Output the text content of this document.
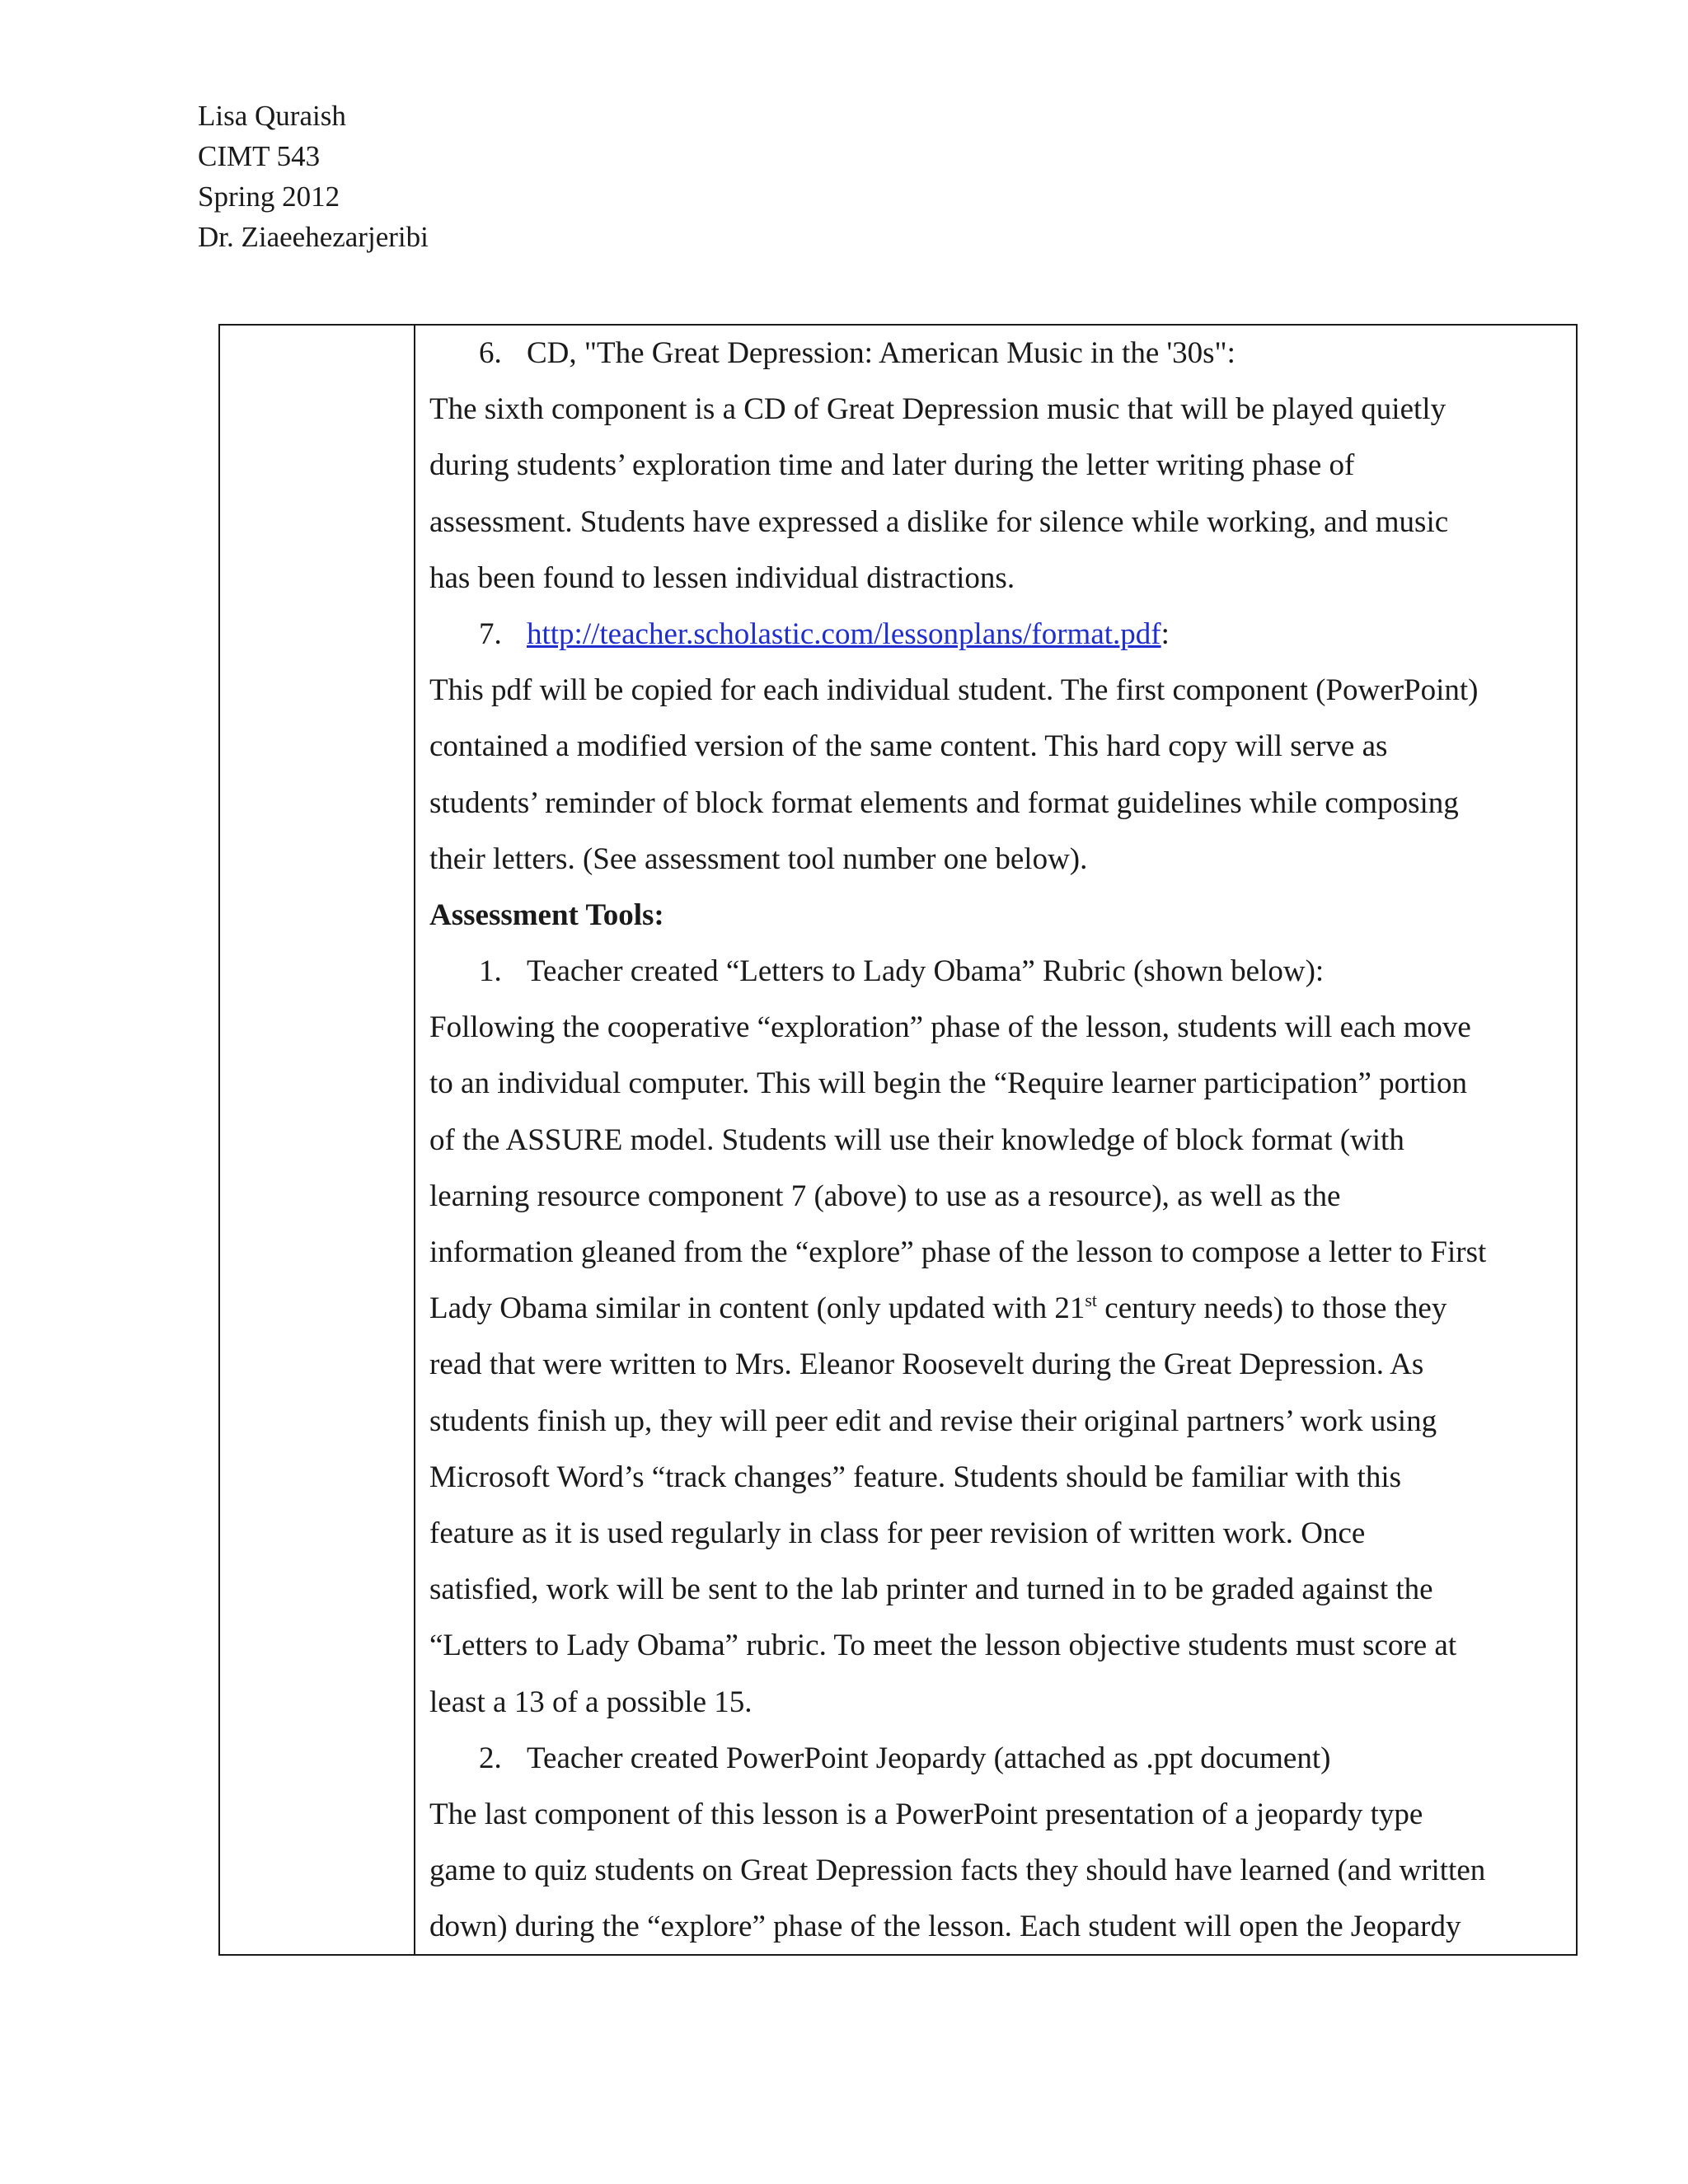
Lisa Quraish
CIMT 543
Spring 2012
Dr. Ziaeehezarjeribi
6. CD, "The Great Depression: American Music in the '30s":
The sixth component is a CD of Great Depression music that will be played quietly
during students’ exploration time and later during the letter writing phase of
assessment. Students have expressed a dislike for silence while working, and music
has been found to lessen individual distractions.
7. http://teacher.scholastic.com/lessonplans/format.pdf:
This pdf will be copied for each individual student. The first component (PowerPoint)
contained a modified version of the same content. This hard copy will serve as
students’ reminder of block format elements and format guidelines while composing
their letters. (See assessment tool number one below).
Assessment Tools:
1. Teacher created “Letters to Lady Obama” Rubric (shown below):
Following the cooperative “exploration” phase of the lesson, students will each move
to an individual computer. This will begin the “Require learner participation” portion
of the ASSURE model. Students will use their knowledge of block format (with
learning resource component 7 (above) to use as a resource), as well as the
information gleaned from the “explore” phase of the lesson to compose a letter to First
Lady Obama similar in content (only updated with 21st century needs) to those they
read that were written to Mrs. Eleanor Roosevelt during the Great Depression. As
students finish up, they will peer edit and revise their original partners’ work using
Microsoft Word’s “track changes” feature. Students should be familiar with this
feature as it is used regularly in class for peer revision of written work. Once
satisfied, work will be sent to the lab printer and turned in to be graded against the
“Letters to Lady Obama” rubric. To meet the lesson objective students must score at
least a 13 of a possible 15.
2. Teacher created PowerPoint Jeopardy (attached as .ppt document)
The last component of this lesson is a PowerPoint presentation of a jeopardy type
game to quiz students on Great Depression facts they should have learned (and written
down) during the “explore” phase of the lesson. Each student will open the Jeopardy
